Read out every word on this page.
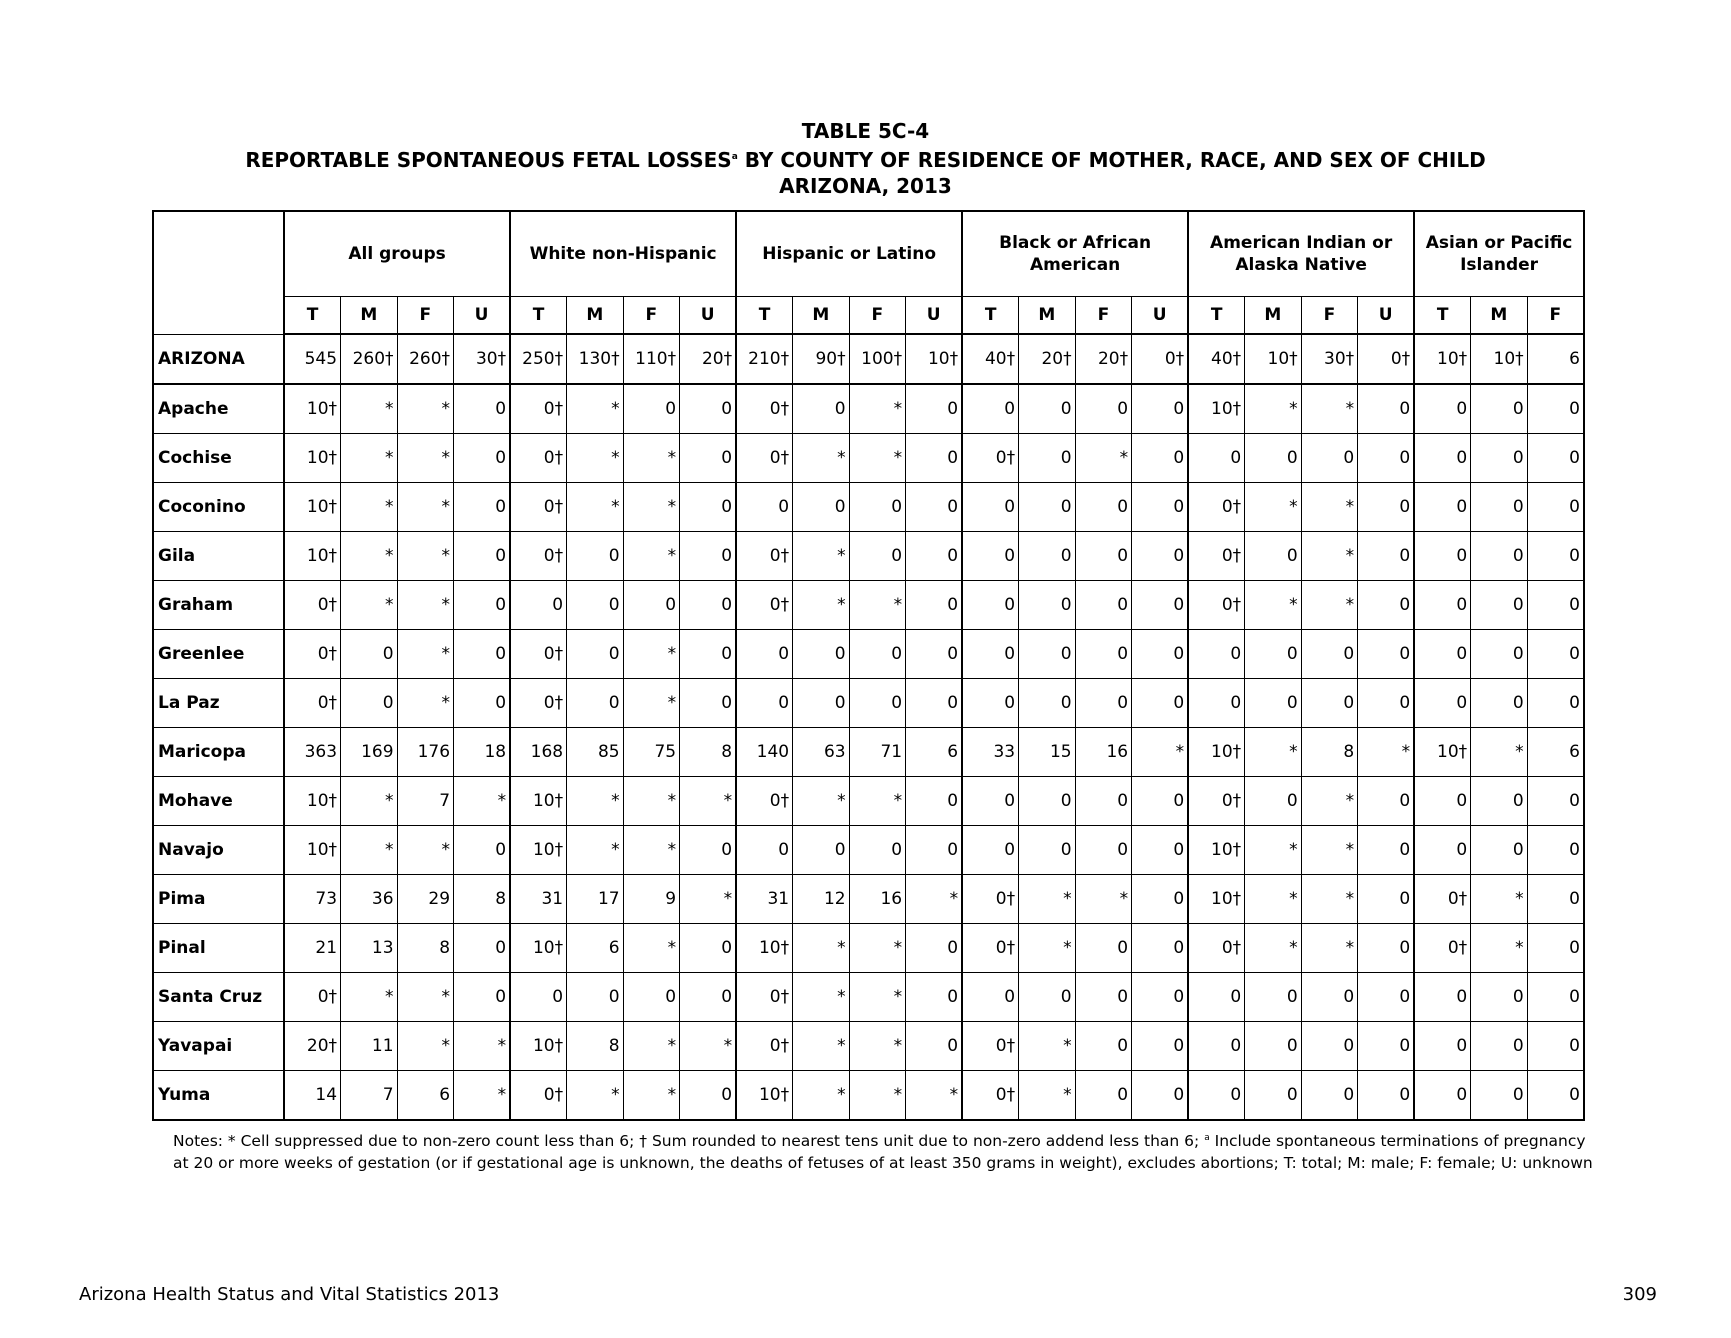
TABLE 5C-4
REPORTABLE SPONTANEOUS FETAL LOSSES$^a$ BY COUNTY OF RESIDENCE OF MOTHER, RACE, AND SEX OF CHILD
ARIZONA, 2013
	All groups				White non-Hispanic				Hispanic or Latino				Black or African American				American Indian or Alaska Native				Asian or Pacific Islander		
	T	M	F	U	T	M	F	U	T	M	F	U	T	M	F	U	T	M	F	U	T	M	F
ARIZONA	545	260†	260†	30†	250†	130†	110†	20†	210†	90†	100†	10†	40†	20†	20†	0†	40†	10†	30†	0†	10†	10†	6
Apache	10†	*	*	0	0†	*	0	0	0†	0	*	0	0	0	0	0	10†	*	*	0	0	0	0
Cochise	10†	*	*	0	0†	*	*	0	0†	*	*	0	0†	0	*	0	0	0	0	0	0	0	0
Coconino	10†	*	*	0	0†	*	*	0	0	0	0	0	0	0	0	0	0†	*	*	0	0	0	0
Gila	10†	*	*	0	0†	0	*	0	0†	*	0	0	0	0	0	0	0†	0	*	0	0	0	0
Graham	0†	*	*	0	0	0	0	0	0†	*	*	0	0	0	0	0	0†	*	*	0	0	0	0
Greenlee	0†	0	*	0	0†	0	*	0	0	0	0	0	0	0	0	0	0	0	0	0	0	0	0
La Paz	0†	0	*	0	0†	0	*	0	0	0	0	0	0	0	0	0	0	0	0	0	0	0	0
Maricopa	363	169	176	18	168	85	75	8	140	63	71	6	33	15	16	*	10†	*	8	*	10†	*	6
Mohave	10†	*	7	*	10†	*	*	*	0†	*	*	0	0	0	0	0	0†	0	*	0	0	0	0
Navajo	10†	*	*	0	10†	*	*	0	0	0	0	0	0	0	0	0	10†	*	*	0	0	0	0
Pima	73	36	29	8	31	17	9	*	31	12	16	*	0†	*	*	0	10†	*	*	0	0†	*	0
Pinal	21	13	8	0	10†	6	*	0	10†	*	*	0	0†	*	0	0	0†	*	*	0	0†	*	0
Santa Cruz	0†	*	*	0	0	0	0	0	0†	*	*	0	0	0	0	0	0	0	0	0	0	0	0
Yavapai	20†	11	*	*	10†	8	*	*	0†	*	*	0	0†	*	0	0	0	0	0	0	0	0	0
Yuma	14	7	6	*	0†	*	*	0	10†	*	*	*	0†	*	0	0	0	0	0	0	0	0	0
Notes: * Cell suppressed due to non-zero count less than 6; † Sum rounded to nearest tens unit due to non-zero addend less than 6; $^a$ Include spontaneous terminations of pregnancy at 20 or more weeks of gestation (or if gestational age is unknown, the deaths of fetuses of at least 350 grams in weight), excludes abortions; T: total; M: male; F: female; U: unknown
Arizona Health Status and Vital Statistics 2013	309
